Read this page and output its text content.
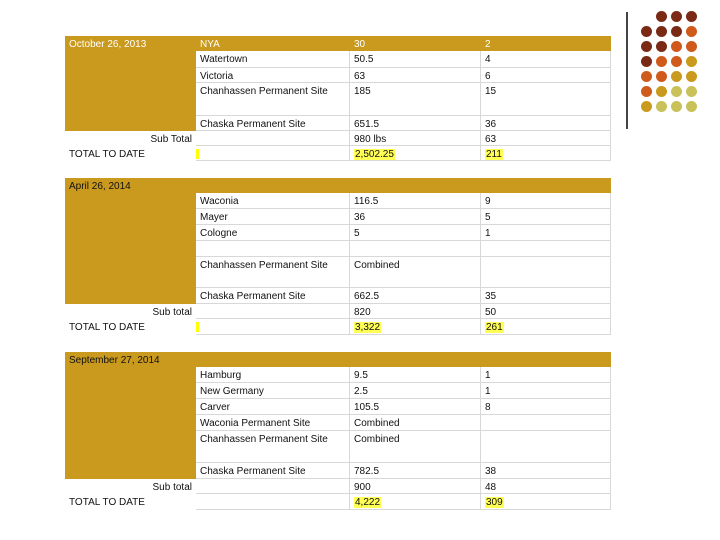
October 26, 2013	NYA	30	2
Watertown	50.5	4
Victoria	63	6
Chanhassen Permanent Site	185	15
Chaska Permanent Site	651.5	36
Sub Total	980 lbs	63
TOTAL TO DATE	2,502.25	211
April 26, 2014
Waconia	116.5	9
Mayer	36	5
Cologne	5	1
Chanhassen Permanent Site	Combined
Chaska Permanent Site	662.5	35
Sub total	820	50
TOTAL TO DATE	3,322	261
September 27, 2014
Hamburg	9.5	1
New Germany	2.5	1
Carver	105.5	8
Waconia Permanent Site	Combined
Chanhassen Permanent Site	Combined
Chaska Permanent Site	782.5	38
Sub total	900	48
TOTAL TO DATE	4,222	309
